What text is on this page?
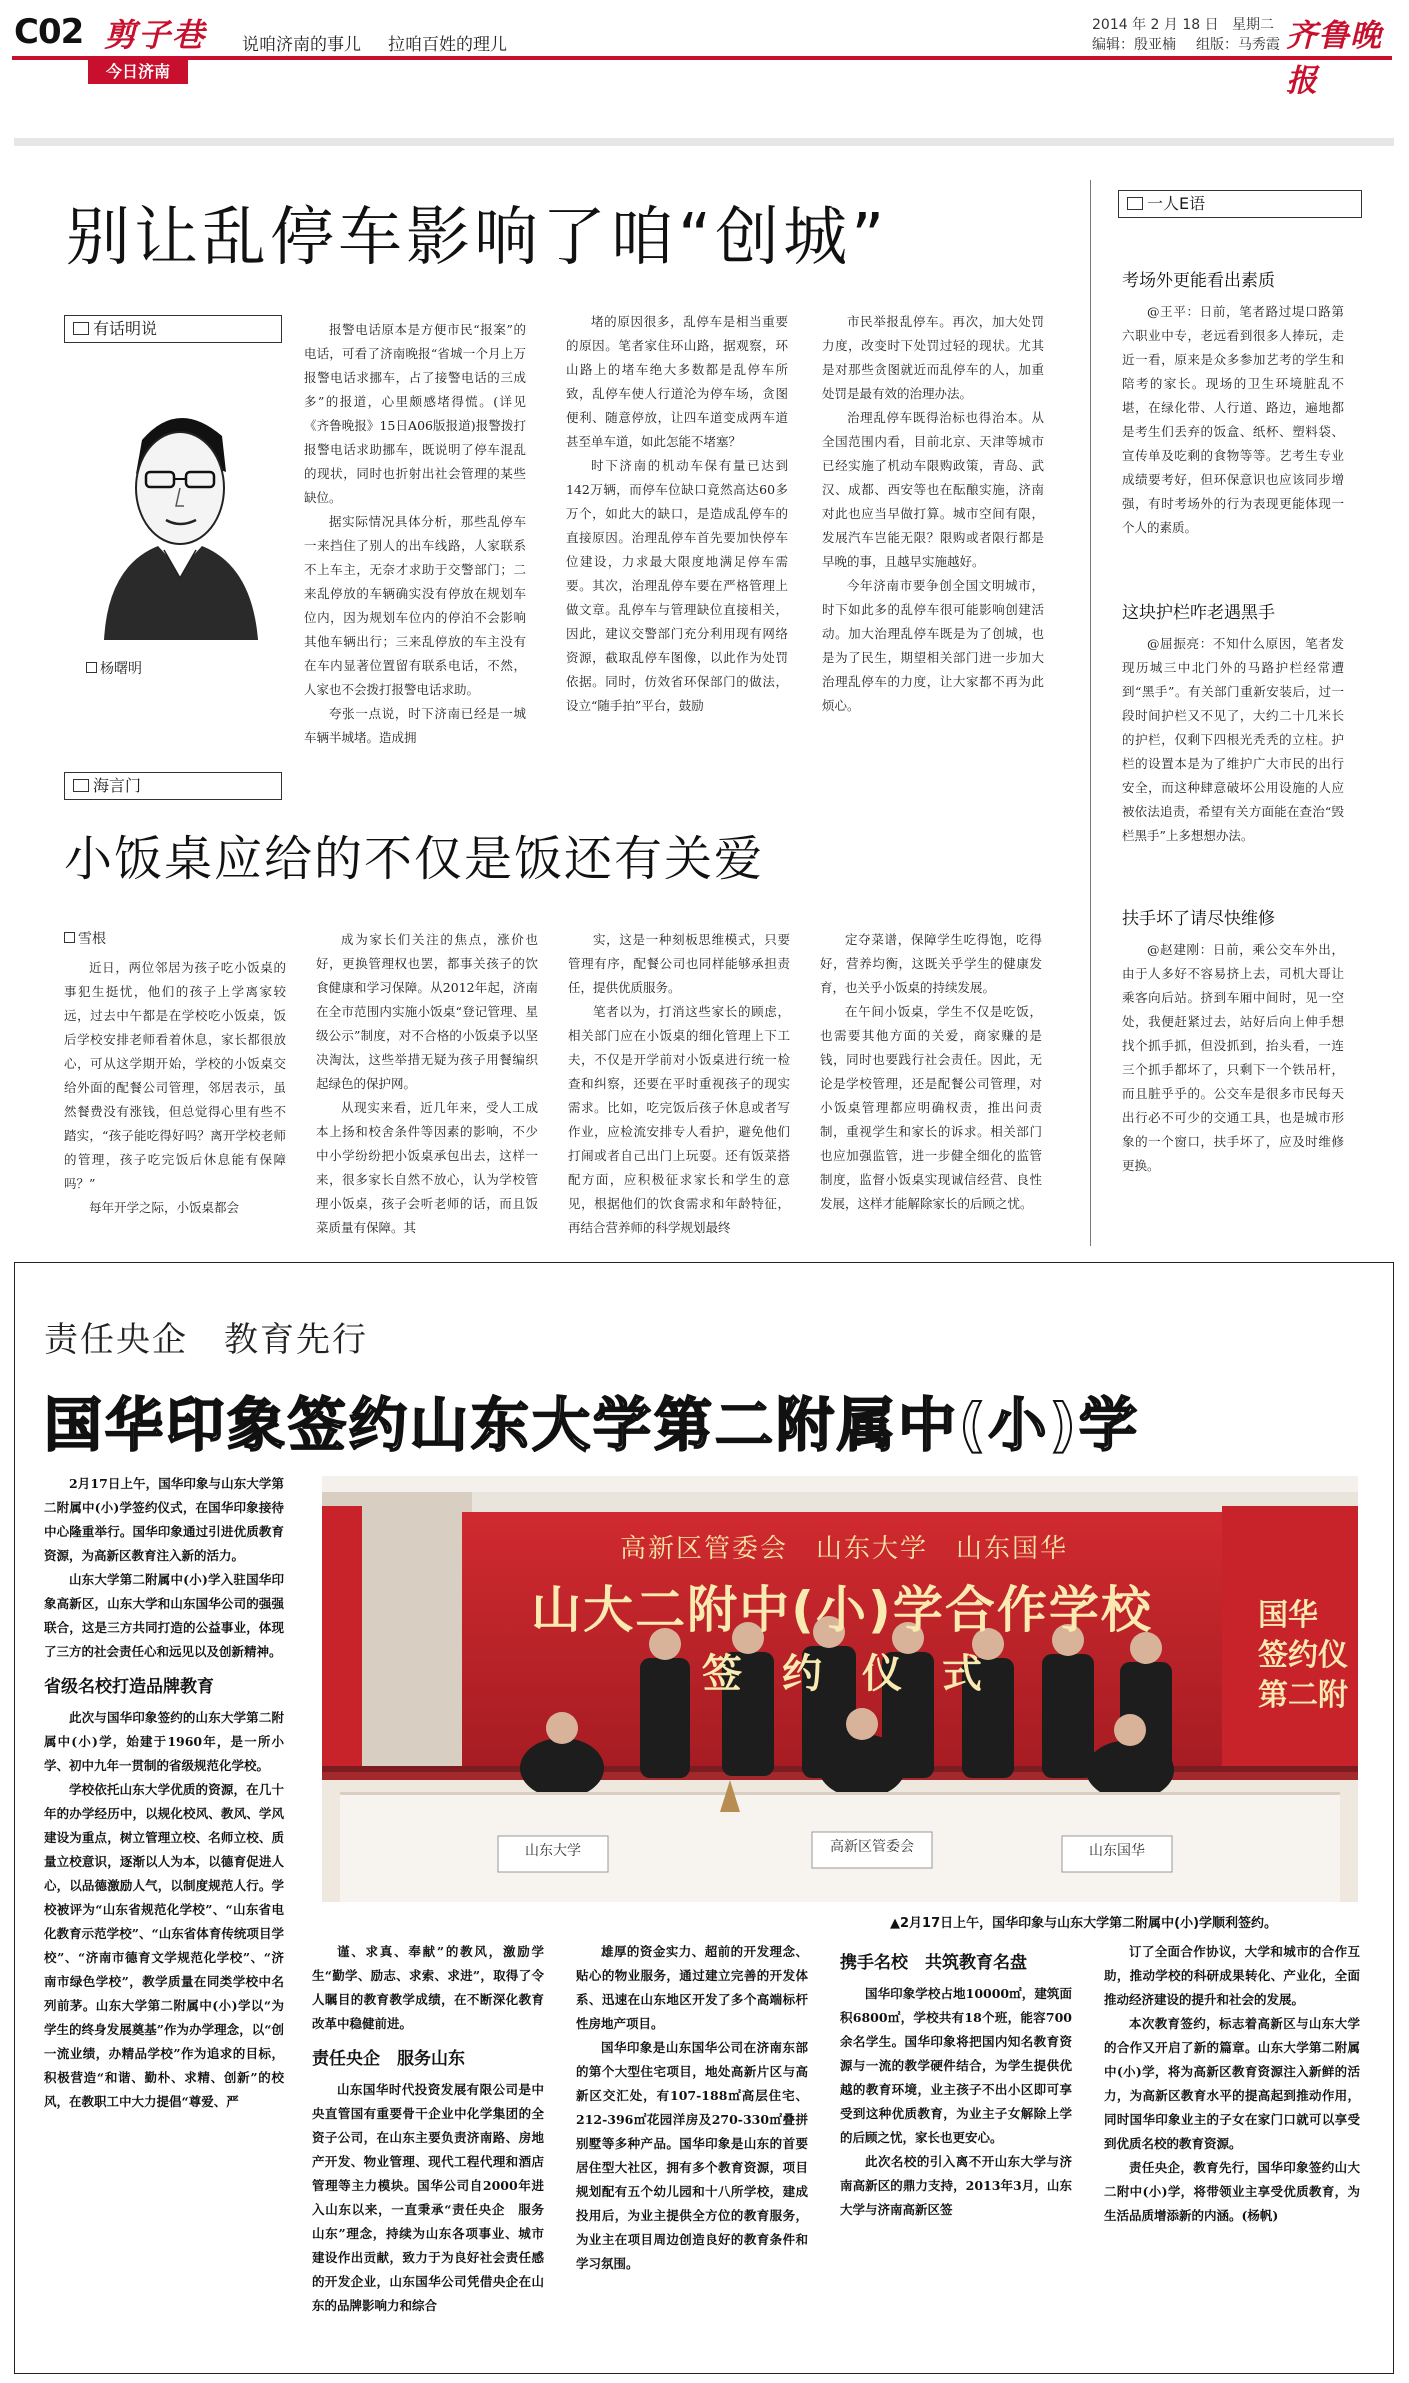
C02 剪子巷 说咱济南的事儿 拉咱百姓的理儿
今日济南
2014 年 2 月 18 日 星期二
编辑：殷亚楠 组版：马秀霞 齐鲁晚报
别让乱停车影响了咱“创城”
有话明说
杨曙明

报警电话原本是方便市民“报案”的电话，可看了济南晚报“省城一个月上万报警电话求挪车，占了接警电话的三成多”的报道，心里颇感堵得慌。(详见《齐鲁晚报》15日A06版报道)报警拨打报警电话求助挪车，既说明了停车混乱的现状，同时也折射出社会管理的某些缺位。

据实际情况具体分析，那些乱停车一来挡住了别人的出车线路，人家联系不上车主，无奈才求助于交警部门；二来乱停放的车辆确实没有停放在规划车位内，因为规划车位内的停泊不会影响其他车辆出行；三来乱停放的车主没有在车内显著位置留有联系电话，不然，人家也不会拨打报警电话求助。

夸张一点说，时下济南已经是一城车辆半城堵。造成拥

堵的原因很多，乱停车是相当重要的原因。笔者家住环山路，据观察，环山路上的堵车绝大多数都是乱停车所致，乱停车使人行道沦为停车场，贪图便利、随意停放，让四车道变成两车道甚至单车道，如此怎能不堵塞？

时下济南的机动车保有量已达到142万辆，而停车位缺口竟然高达60多万个，如此大的缺口，是造成乱停车的直接原因。治理乱停车首先要加快停车位建设，力求最大限度地满足停车需要。其次，治理乱停车要在严格管理上做文章。乱停车与管理缺位直接相关，因此，建议交警部门充分利用现有网络资源，截取乱停车图像，以此作为处罚依据。同时，仿效省环保部门的做法，设立“随手拍”平台，鼓励

市民举报乱停车。再次，加大处罚力度，改变时下处罚过轻的现状。尤其是对那些贪图就近而乱停车的人，加重处罚是最有效的治理办法。

治理乱停车既得治标也得治本。从全国范围内看，目前北京、天津等城市已经实施了机动车限购政策，青岛、武汉、成都、西安等也在酝酿实施，济南对此也应当早做打算。城市空间有限，发展汽车岂能无限？限购或者限行都是早晚的事，且越早实施越好。

今年济南市要争创全国文明城市，时下如此多的乱停车很可能影响创建活动。加大治理乱停车既是为了创城，也是为了民生，期望相关部门进一步加大治理乱停车的力度，让大家都不再为此烦心。

海言门
小饭桌应给的不仅是饭还有关爱
雪根

近日，两位邻居为孩子吃小饭桌的事犯生挺忧，他们的孩子上学离家较远，过去中午都是在学校吃小饭桌，饭后学校安排老师看着休息，家长都很放心，可从这学期开始，学校的小饭桌交给外面的配餐公司管理，邻居表示，虽然餐费没有涨钱，但总觉得心里有些不踏实，“孩子能吃得好吗？离开学校老师的管理，孩子吃完饭后休息能有保障吗？”

每年开学之际，小饭桌都会

成为家长们关注的焦点，涨价也好，更换管理权也罢，都事关孩子的饮食健康和学习保障。从2012年起，济南在全市范围内实施小饭桌“登记管理、星级公示”制度，对不合格的小饭桌予以坚决淘汰，这些举措无疑为孩子用餐编织起绿色的保护网。

从现实来看，近几年来，受人工成本上扬和校舍条件等因素的影响，不少中小学纷纷把小饭桌承包出去，这样一来，很多家长自然不放心，认为学校管理小饭桌，孩子会听老师的话，而且饭菜质量有保障。其

实，这是一种刻板思维模式，只要管理有序，配餐公司也同样能够承担责任，提供优质服务。

笔者以为，打消这些家长的顾虑，相关部门应在小饭桌的细化管理上下工夫，不仅是开学前对小饭桌进行统一检查和纠察，还要在平时重视孩子的现实需求。比如，吃完饭后孩子休息或者写作业，应检流安排专人看护，避免他们打闹或者自己出门上玩耍。还有饭菜搭配方面，应积极征求家长和学生的意见，根据他们的饮食需求和年龄特征，再结合营养师的科学规划最终

定夺菜谱，保障学生吃得饱，吃得好，营养均衡，这既关乎学生的健康发育，也关乎小饭桌的持续发展。

在午间小饭桌，学生不仅是吃饭，也需要其他方面的关爱，商家赚的是钱，同时也要践行社会责任。因此，无论是学校管理，还是配餐公司管理，对小饭桌管理都应明确权责，推出问责制，重视学生和家长的诉求。相关部门也应加强监管，进一步健全细化的监管制度，监督小饭桌实现诚信经营、良性发展，这样才能解除家长的后顾之忧。

一人E语
考场外更能看出素质

@王平：日前，笔者路过堤口路第六职业中专，老远看到很多人捧玩，走近一看，原来是众多参加艺考的学生和陪考的家长。现场的卫生环境脏乱不堪，在绿化带、人行道、路边，遍地都是考生们丢弃的饭盒、纸杯、塑料袋、宣传单及吃剩的食物等等。艺考生专业成绩要考好，但环保意识也应该同步增强，有时考场外的行为表现更能体现一个人的素质。

这块护栏咋老遇黑手

@屈振亮：不知什么原因，笔者发现历城三中北门外的马路护栏经常遭到“黑手”。有关部门重新安装后，过一段时间护栏又不见了，大约二十几米长的护栏，仅剩下四根光秃秃的立柱。护栏的设置本是为了维护广大市民的出行安全，而这种肆意破坏公用设施的人应被依法追责，希望有关方面能在查治“毁栏黑手”上多想想办法。

扶手坏了请尽快维修

@赵建刚：日前，乘公交车外出，由于人多好不容易挤上去，司机大哥让乘客向后站。挤到车厢中间时，见一空处，我便赶紧过去，站好后向上伸手想找个抓手抓，但没抓到，抬头看，一连三个抓手都坏了，只剩下一个铁吊杆，而且脏乎乎的。公交车是很多市民每天出行必不可少的交通工具，也是城市形象的一个窗口，扶手坏了，应及时维修更换。

责任央企　教育先行
国华印象签约山东大学第二附属中(小)学
高新区管委会　山东大学　山东国华
山大二附中(小)学合作学校
签　约　仪　式
国华
签约仪
第二附
山东大学	高新区管委会	山东国华
▲2月17日上午，国华印象与山东大学第二附属中(小)学顺利签约。

2月17日上午，国华印象与山东大学第二附属中(小)学签约仪式，在国华印象接待中心隆重举行。国华印象通过引进优质教育资源，为高新区教育注入新的活力。

山东大学第二附属中(小)学入驻国华印象高新区，山东大学和山东国华公司的强强联合，这是三方共同打造的公益事业，体现了三方的社会责任心和远见以及创新精神。

省级名校打造品牌教育

此次与国华印象签约的山东大学第二附属中(小)学，始建于1960年，是一所小学、初中九年一贯制的省级规范化学校。

学校依托山东大学优质的资源，在几十年的办学经历中，以规化校风、教风、学风建设为重点，树立管理立校、名师立校、质量立校意识，逐渐以人为本，以德育促进人心，以品德激励人气，以制度规范人行。学校被评为“山东省规范化学校”、“山东省电化教育示范学校”、“山东省体育传统项目学校”、“济南市德育文学规范化学校”、“济南市绿色学校”，教学质量在同类学校中名列前茅。山东大学第二附属中(小)学以“为学生的终身发展奠基”作为办学理念，以“创一流业绩，办精品学校”作为追求的目标，积极营造“和谐、勤朴、求精、创新”的校风，在教职工中大力提倡“尊爱、严

谨、求真、奉献”的教风，激励学生“勤学、励志、求索、求进”，取得了令人瞩目的教育教学成绩，在不断深化教育改革中稳健前进。

责任央企　服务山东

山东国华时代投资发展有限公司是中央直管国有重要骨干企业中化学集团的全资子公司，在山东主要负责济南路、房地产开发、物业管理、现代工程代理和酒店管理等主力模块。国华公司自2000年进入山东以来，一直秉承“责任央企　服务山东”理念，持续为山东各项事业、城市建设作出贡献，致力于为良好社会责任感的开发企业，山东国华公司凭借央企在山东的品牌影响力和综合

雄厚的资金实力、超前的开发理念、贴心的物业服务，通过建立完善的开发体系、迅速在山东地区开发了多个高端标杆性房地产项目。

国华印象是山东国华公司在济南东部的第个大型住宅项目，地处高新片区与高新区交汇处，有107-188㎡高层住宅、212-396㎡花园洋房及270-330㎡叠拼别墅等多种产品。国华印象是山东的首要居住型大社区，拥有多个教育资源，项目规划配有五个幼儿园和十八所学校，建成投用后，为业主提供全方位的教育服务，为业主在项目周边创造良好的教育条件和学习氛围。

携手名校　共筑教育名盘

国华印象学校占地10000㎡，建筑面积6800㎡，学校共有18个班，能容700余名学生。国华印象将把国内知名教育资源与一流的教学硬件结合，为学生提供优越的教育环境，业主孩子不出小区即可享受到这种优质教育，为业主子女解除上学的后顾之忧，家长也更安心。

此次名校的引入离不开山东大学与济南高新区的鼎力支持，2013年3月，山东大学与济南高新区签

订了全面合作协议，大学和城市的合作互助，推动学校的科研成果转化、产业化，全面推动经济建设的提升和社会的发展。

本次教育签约，标志着高新区与山东大学的合作又开启了新的篇章。山东大学第二附属中(小)学，将为高新区教育资源注入新鲜的活力，为高新区教育水平的提高起到推动作用，同时国华印象业主的子女在家门口就可以享受到优质名校的教育资源。

责任央企，教育先行，国华印象签约山大二附中(小)学，将带领业主享受优质教育，为生活品质增添新的内涵。(杨帆)
